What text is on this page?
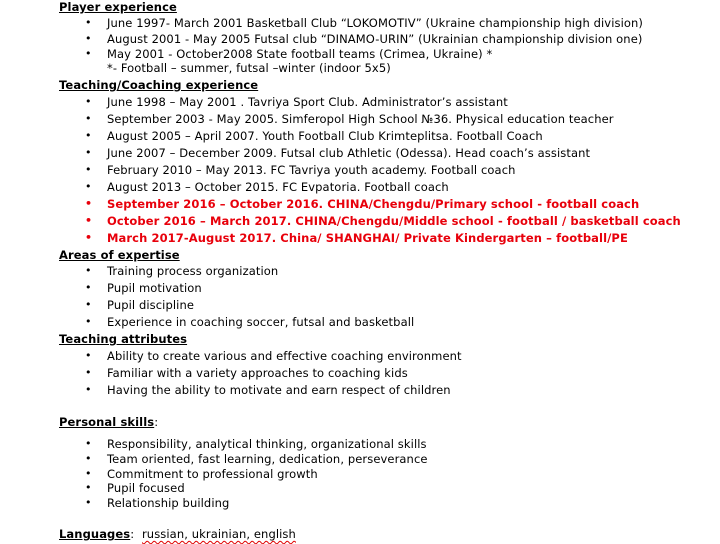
Player experience
• June 1997- March 2001 Basketball Club “LOKOMOTIV” (Ukraine championship high division)
• August 2001 - May 2005 Futsal club “DINAMO-URIN” (Ukrainian championship division one)
• May 2001 - October2008 State football teams (Crimea, Ukraine) *
*- Football – summer, futsal –winter (indoor 5x5)
Teaching/Coaching experience
• June 1998 – May 2001 . Tavriya Sport Club. Administrator’s assistant
• September 2003 - May 2005. Simferopol High School №36. Physical education teacher
• August 2005 – April 2007. Youth Football Club Krimteplitsa. Football Coach
• June 2007 – December 2009. Futsal club Athletic (Odessa). Head coach’s assistant
• February 2010 – May 2013. FC Tavriya youth academy. Football coach
• August 2013 – October 2015. FC Evpatoria. Football coach
• September 2016 – October 2016. CHINA/Chengdu/Primary school - football coach
• October 2016 – March 2017. CHINA/Chengdu/Middle school - football / basketball coach
• March 2017-August 2017. China/ SHANGHAI/ Private Kindergarten – football/PE
Areas of expertise
• Training process organization
• Pupil motivation
• Pupil discipline
• Experience in coaching soccer, futsal and basketball
Teaching attributes
• Ability to create various and effective coaching environment
• Familiar with a variety approaches to coaching kids
• Having the ability to motivate and earn respect of children
Personal skills:
• Responsibility, analytical thinking, organizational skills
• Team oriented, fast learning, dedication, perseverance
• Commitment to professional growth
• Pupil focused
• Relationship building
Languages: russian, ukrainian, english
